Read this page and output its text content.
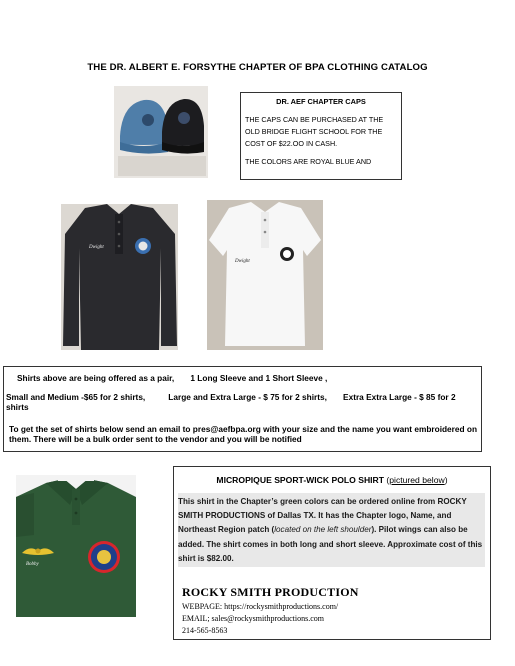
THE DR. ALBERT E. FORSYTHE CHAPTER OF BPA CLOTHING CATALOG
DR. AEF CHAPTER CAPS

THE CAPS CAN BE PURCHASED AT THE OLD BRIDGE FLIGHT SCHOOL FOR THE COST OF $22.OO IN CASH.

THE COLORS ARE ROYAL BLUE AND

Dwight
Dwight
Shirts above are being offered as a pair, 1 Long Sleeve and 1 Short Sleeve ,
Small and Medium -$65 for 2 shirts,          Large and Extra Large - $ 75 for 2 shirts,       Extra Extra Large - $ 85 for 2 shirts
To get the set of shirts below send an email to pres@aefbpa.org with your size and the name you want embroidered on them. There will be a bulk order sent to the vendor and you will be notified
Bobby
MICROPIQUE SPORT-WICK POLO SHIRT (pictured below)
This shirt in the Chapter’s green colors can be ordered online from ROCKY SMITH PRODUCTIONS of Dallas TX. It has the Chapter logo, Name, and Northeast Region patch (located on the left shoulder). Pilot wings can also be added. The shirt comes in both long and short sleeve. Approximate cost of this shirt is $82.00.
ROCKY SMITH PRODUCTION
WEBPAGE: https://rockysmithproductions.com/
EMAIL; sales@rockysmithproductions.com
214-565-8563
